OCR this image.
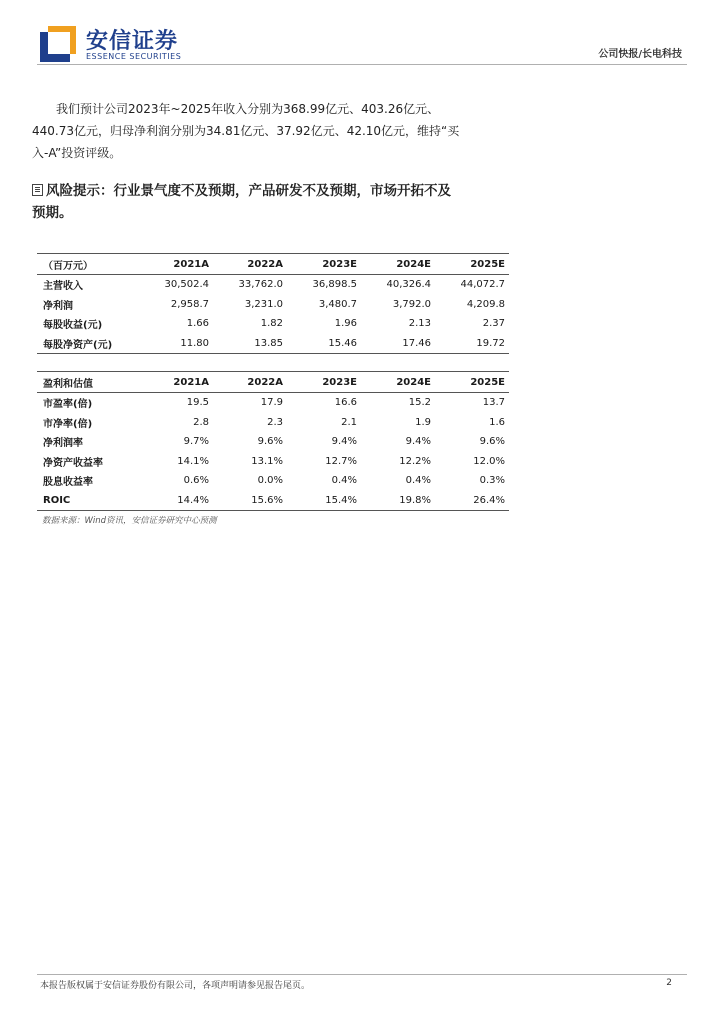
安信证券
ESSENCE SECURITIES	公司快报/长电科技

我们预计公司2023年~2025年收入分别为368.99亿元、403.26亿元、440.73亿元，归母净利润分别为34.81亿元、37.92亿元、42.10亿元，维持“买入-A”投资评级。

风险提示：行业景气度不及预期，产品研发不及预期，市场开拓不及预期。
（百万元）	2021A	2022A	2023E	2024E	2025E
主营收入	30,502.4	33,762.0	36,898.5	40,326.4	44,072.7
净利润	2,958.7	3,231.0	3,480.7	3,792.0	4,209.8
每股收益(元)	1.66	1.82	1.96	2.13	2.37
每股净资产(元)	11.80	13.85	15.46	17.46	19.72
盈利和估值	2021A	2022A	2023E	2024E	2025E
市盈率(倍)	19.5	17.9	16.6	15.2	13.7
市净率(倍)	2.8	2.3	2.1	1.9	1.6
净利润率	9.7%	9.6%	9.4%	9.4%	9.6%
净资产收益率	14.1%	13.1%	12.7%	12.2%	12.0%
股息收益率	0.6%	0.0%	0.4%	0.4%	0.3%
ROIC	14.4%	15.6%	15.4%	19.8%	26.4%
数据来源：Wind资讯，安信证券研究中心预测
本报告版权属于安信证券股份有限公司，各项声明请参见报告尾页。	2
